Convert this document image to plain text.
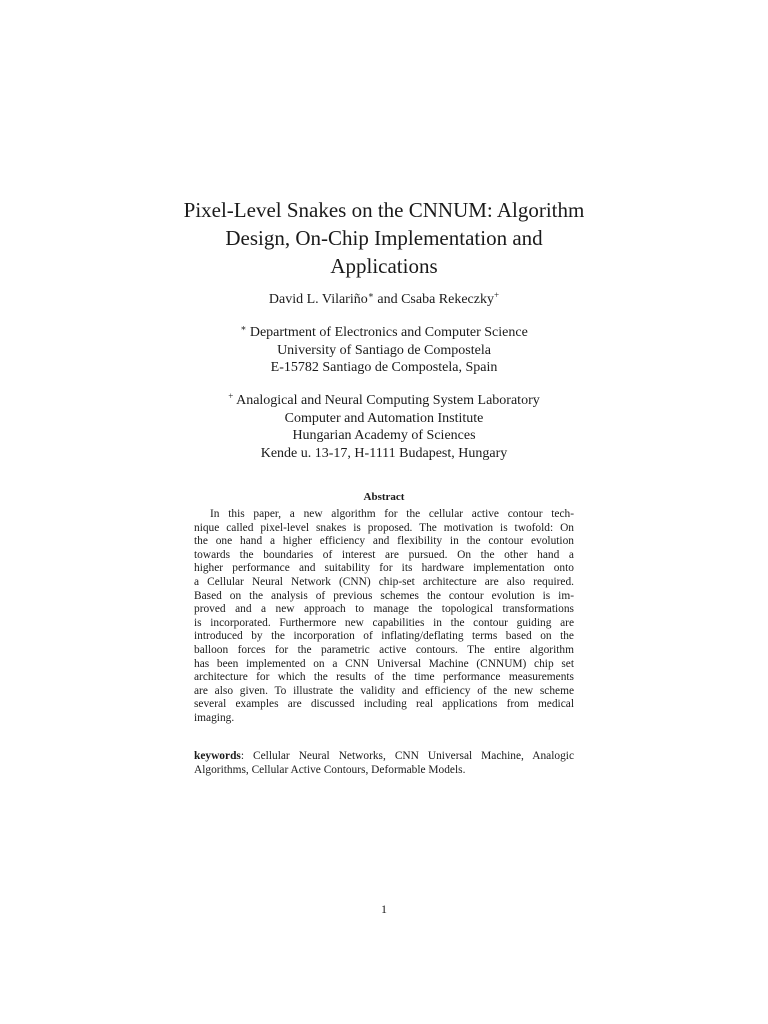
Pixel-Level Snakes on the CNNUM: Algorithm
Design, On-Chip Implementation and
Applications
David L. Vilariño∗ and Csaba Rekeczky+
∗ Department of Electronics and Computer Science
University of Santiago de Compostela
E-15782 Santiago de Compostela, Spain
+ Analogical and Neural Computing System Laboratory
Computer and Automation Institute
Hungarian Academy of Sciences
Kende u. 13-17, H-1111 Budapest, Hungary
Abstract
In this paper, a new algorithm for the cellular active contour tech-
nique called pixel-level snakes is proposed. The motivation is twofold: On
the one hand a higher efficiency and flexibility in the contour evolution
towards the boundaries of interest are pursued. On the other hand a
higher performance and suitability for its hardware implementation onto
a Cellular Neural Network (CNN) chip-set architecture are also required.
Based on the analysis of previous schemes the contour evolution is im-
proved and a new approach to manage the topological transformations
is incorporated. Furthermore new capabilities in the contour guiding are
introduced by the incorporation of inflating/deflating terms based on the
balloon forces for the parametric active contours. The entire algorithm
has been implemented on a CNN Universal Machine (CNNUM) chip set
architecture for which the results of the time performance measurements
are also given. To illustrate the validity and efficiency of the new scheme
several examples are discussed including real applications from medical
imaging.
keywords: Cellular Neural Networks, CNN Universal Machine, Analogic
Algorithms, Cellular Active Contours, Deformable Models.
1
